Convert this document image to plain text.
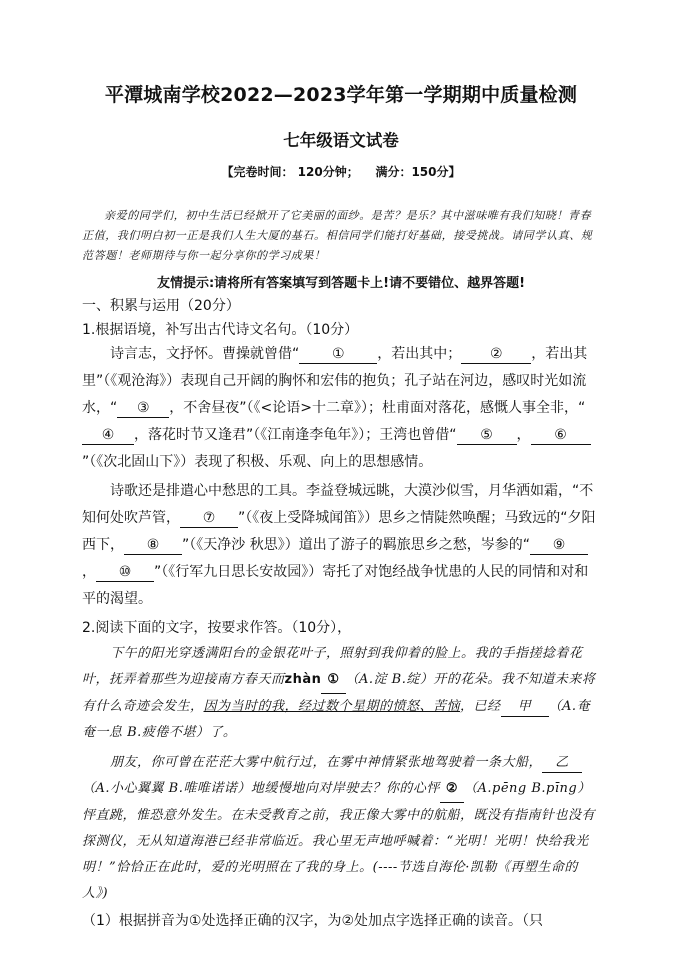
平潭城南学校2022—2023学年第一学期期中质量检测
七年级语文试卷
【完卷时间： 120分钟；    满分：150分】
亲爱的同学们，初中生活已经掀开了它美丽的面纱。是苦？是乐？其中滋味唯有我们知晓！青春正值，我们明白初一正是我们人生大厦的基石。相信同学们能打好基础，接受挑战。请同学认真、规范答题！老师期待与你一起分享你的学习成果！
友情提示:请将所有答案填写到答题卡上!请不要错位、越界答题!
一、积累与运用（20分）
1.根据语境，补写出古代诗文名句。（10分）
诗言志，文抒怀。曹操就曾借“ ① ，若出其中； ② ，若出其里”（《观沧海》）表现自己开阔的胸怀和宏伟的抱负；孔子站在河边，感叹时光如流水，“ ③ ，不舍昼夜”（《<论语>十二章》）；杜甫面对落花，感慨人事全非，“④ ，落花时节又逢君”（《江南逢李龟年》）；王湾也曾借“ ⑤ ， ⑥”（《次北固山下》）表现了积极、乐观、向上的思想感情。
诗歌还是排遣心中愁思的工具。李益登城远眺，大漠沙似雪，月华洒如霜，“不知何处吹芦管， ⑦ ”（《夜上受降城闻笛》）思乡之情陡然唤醒；马致远的“夕阳西下， ⑧ ”（《天净沙 秋思》）道出了游子的羁旅思乡之愁，岑参的“ ⑨， ⑩ ”（《行军九日思长安故园》）寄托了对饱经战争忧患的人民的同情和对和平的渴望。
2.阅读下面的文字，按要求作答。（10分），
下午的阳光穿透满阳台的金银花叶子，照射到我仰着的脸上。我的手指搓捻着花叶，抚弄着那些为迎接南方春天而zhàn ① （A.淀 B.绽）开的花朵。我不知道未来将有什么奇迹会发生，因为当时的我，经过数个星期的愤怒、苦恼，已经 甲 （A.奄奄一息 B.疲倦不堪）了。
朋友，你可曾在茫茫大雾中航行过，在雾中神情紧张地驾驶着一条大船， 乙（A.小心翼翼 B.唯唯诺诺）地缓慢地向对岸驶去？你的心怦 ② （A.pēng B.pīng）怦直跳，惟恐意外发生。在未受教育之前，我正像大雾中的航船，既没有指南针也没有探测仪，无从知道海港已经非常临近。我心里无声地呼喊着：“光明！光明！快给我光明！”恰恰正在此时，爱的光明照在了我的身上。(----节选自海伦·凯勒《再塑生命的人》)
（1）根据拼音为①处选择正确的汉字，为②处加点字选择正确的读音。（只
